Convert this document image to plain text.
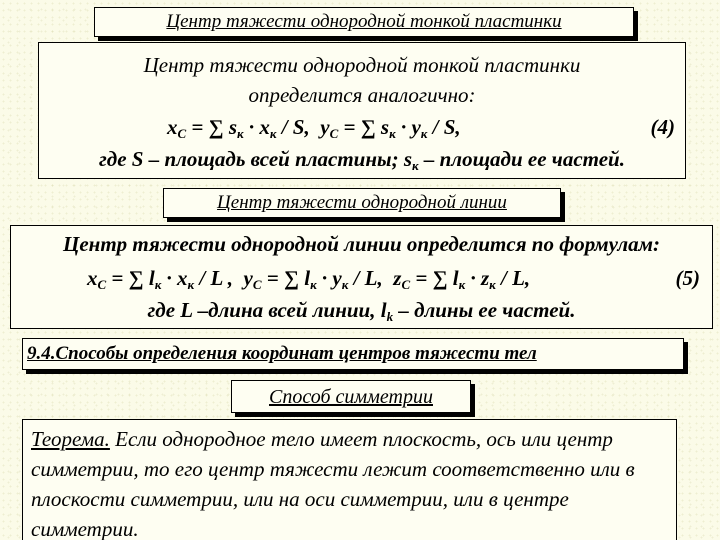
Центр тяжести однородной тонкой пластинки
Центр тяжести однородной тонкой пластинки
определится аналогично:
$x_C$ = ∑ $s_к \cdot x_к / S$, $y_C$ = ∑ $s_к \cdot y_к / S$,	(4)
где S – площадь всей пластины; $s_к$ – площади ее частей.
Центр тяжести однородной линии
Центр тяжести однородной линии определится по формулам:
$x_C$ = ∑ $l_к \cdot x_к / L$ , $y_C$ = ∑ $l_к \cdot y_к / L$, $z_C$ = ∑ $l_к \cdot z_к / L$,	(5)
где L –длина всей линии, $l_k$ – длины ее частей.
9.4.Способы определения координат центров тяжести тел
Способ симметрии
Теорема. Если однородное тело имеет плоскость, ось или центр симметрии, то его центр тяжести лежит соответственно или в плоскости симметрии, или на оси симметрии, или в центре симметрии.
